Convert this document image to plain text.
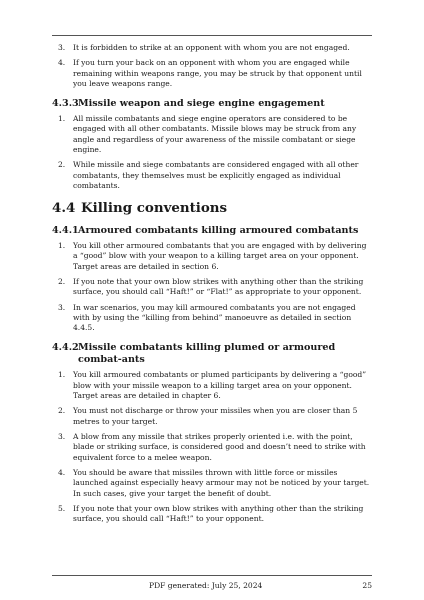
3. It is forbidden to strike at an opponent with whom you are not engaged.
4. If you turn your back on an opponent with whom you are engaged while remaining within weapons range, you may be struck by that opponent until you leave weapons range.
4.3.3 Missile weapon and siege engine engagement
1. All missile combatants and siege engine operators are considered to be engaged with all other combatants. Missile blows may be struck from any angle and regardless of your awareness of the missile combatant or siege engine.
2. While missile and siege combatants are considered engaged with all other combatants, they themselves must be explicitly engaged as individual combatants.
4.4 Killing conventions
4.4.1 Armoured combatants killing armoured combatants
1. You kill other armoured combatants that you are engaged with by delivering a “good” blow with your weapon to a killing target area on your opponent. Target areas are detailed in section 6.
2. If you note that your own blow strikes with anything other than the striking surface, you should call “Haft!” or “Flat!” as appropriate to your opponent.
3. In war scenarios, you may kill armoured combatants you are not engaged with by using the “killing from behind” manoeuvre as detailed in section 4.4.5.
4.4.2 Missile combatants killing plumed or armoured combat-ants
1. You kill armoured combatants or plumed participants by delivering a “good” blow with your missile weapon to a killing target area on your opponent. Target areas are detailed in chapter 6.
2. You must not discharge or throw your missiles when you are closer than 5 metres to your target.
3. A blow from any missile that strikes properly oriented i.e. with the point, blade or striking surface, is considered good and doesn’t need to strike with equivalent force to a melee weapon.
4. You should be aware that missiles thrown with little force or missiles launched against especially heavy armour may not be noticed by your target. In such cases, give your target the benefit of doubt.
5. If you note that your own blow strikes with anything other than the striking surface, you should call “Haft!” to your opponent.
PDF generated: July 25, 2024	25
